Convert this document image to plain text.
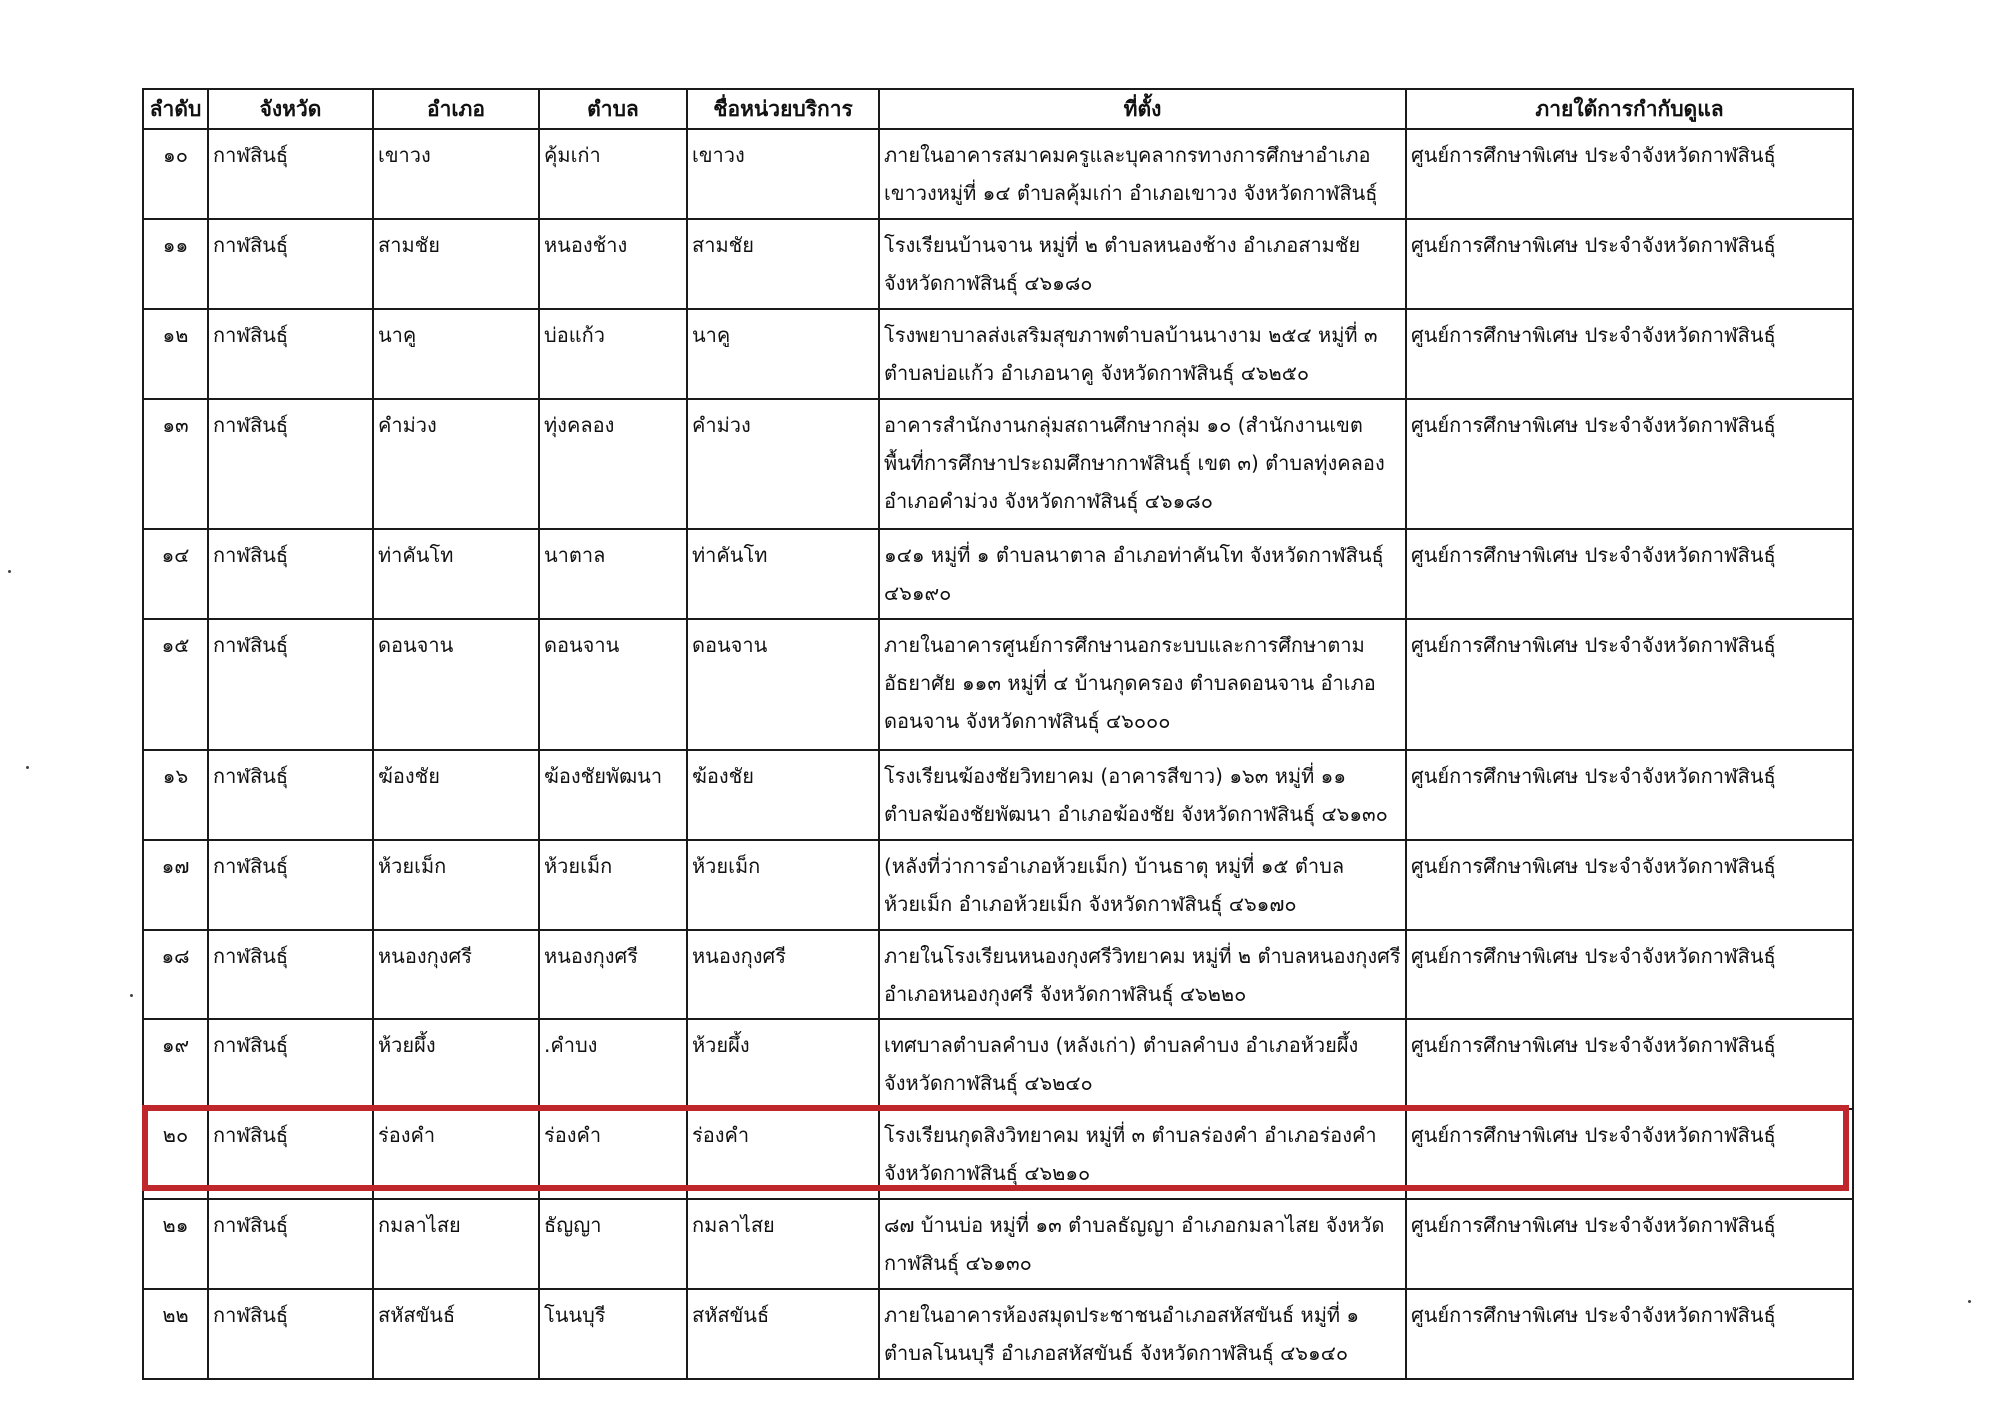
ลำดับ	จังหวัด	อำเภอ	ตำบล	ชื่อหน่วยบริการ	ที่ตั้ง	ภายใต้การกำกับดูแล
๑๐	กาฬสินธุ์	เขาวง	คุ้มเก่า	เขาวง	ภายในอาคารสมาคมครูและบุคลากรทางการศึกษาอำเภอเขาวงหมู่ที่ ๑๔ ตำบลคุ้มเก่า อำเภอเขาวง จังหวัดกาฬสินธุ์	ศูนย์การศึกษาพิเศษ ประจำจังหวัดกาฬสินธุ์
๑๑	กาฬสินธุ์	สามชัย	หนองช้าง	สามชัย	โรงเรียนบ้านจาน หมู่ที่ ๒ ตำบลหนองช้าง อำเภอสามชัย จังหวัดกาฬสินธุ์ ๔๖๑๘๐	ศูนย์การศึกษาพิเศษ ประจำจังหวัดกาฬสินธุ์
๑๒	กาฬสินธุ์	นาคู	บ่อแก้ว	นาคู	โรงพยาบาลส่งเสริมสุขภาพตำบลบ้านนางาม ๒๕๔ หมู่ที่ ๓ ตำบลบ่อแก้ว อำเภอนาคู จังหวัดกาฬสินธุ์ ๔๖๒๕๐	ศูนย์การศึกษาพิเศษ ประจำจังหวัดกาฬสินธุ์
๑๓	กาฬสินธุ์	คำม่วง	ทุ่งคลอง	คำม่วง	อาคารสำนักงานกลุ่มสถานศึกษากลุ่ม ๑๐ (สำนักงานเขตพื้นที่การศึกษาประถมศึกษากาฬสินธุ์ เขต ๓) ตำบลทุ่งคลอง อำเภอคำม่วง จังหวัดกาฬสินธุ์ ๔๖๑๘๐	ศูนย์การศึกษาพิเศษ ประจำจังหวัดกาฬสินธุ์
๑๔	กาฬสินธุ์	ท่าคันโท	นาตาล	ท่าคันโท	๑๔๑ หมู่ที่ ๑ ตำบลนาตาล อำเภอท่าคันโท จังหวัดกาฬสินธุ์ ๔๖๑๙๐	ศูนย์การศึกษาพิเศษ ประจำจังหวัดกาฬสินธุ์
๑๕	กาฬสินธุ์	ดอนจาน	ดอนจาน	ดอนจาน	ภายในอาคารศูนย์การศึกษานอกระบบและการศึกษาตามอัธยาศัย ๑๑๓ หมู่ที่ ๔ บ้านกุดครอง ตำบลดอนจาน อำเภอดอนจาน จังหวัดกาฬสินธุ์ ๔๖๐๐๐	ศูนย์การศึกษาพิเศษ ประจำจังหวัดกาฬสินธุ์
๑๖	กาฬสินธุ์	ฆ้องชัย	ฆ้องชัยพัฒนา	ฆ้องชัย	โรงเรียนฆ้องชัยวิทยาคม (อาคารสีขาว) ๑๖๓ หมู่ที่ ๑๑ ตำบลฆ้องชัยพัฒนา อำเภอฆ้องชัย จังหวัดกาฬสินธุ์ ๔๖๑๓๐	ศูนย์การศึกษาพิเศษ ประจำจังหวัดกาฬสินธุ์
๑๗	กาฬสินธุ์	ห้วยเม็ก	ห้วยเม็ก	ห้วยเม็ก	(หลังที่ว่าการอำเภอห้วยเม็ก) บ้านธาตุ หมู่ที่ ๑๕ ตำบลห้วยเม็ก อำเภอห้วยเม็ก จังหวัดกาฬสินธุ์ ๔๖๑๗๐	ศูนย์การศึกษาพิเศษ ประจำจังหวัดกาฬสินธุ์
๑๘	กาฬสินธุ์	หนองกุงศรี	หนองกุงศรี	หนองกุงศรี	ภายในโรงเรียนหนองกุงศรีวิทยาคม หมู่ที่ ๒ ตำบลหนองกุงศรี อำเภอหนองกุงศรี จังหวัดกาฬสินธุ์ ๔๖๒๒๐	ศูนย์การศึกษาพิเศษ ประจำจังหวัดกาฬสินธุ์
๑๙	กาฬสินธุ์	ห้วยผึ้ง	.คำบง	ห้วยผึ้ง	เทศบาลตำบลคำบง (หลังเก่า) ตำบลคำบง อำเภอห้วยผึ้ง จังหวัดกาฬสินธุ์ ๔๖๒๔๐	ศูนย์การศึกษาพิเศษ ประจำจังหวัดกาฬสินธุ์
๒๐	กาฬสินธุ์	ร่องคำ	ร่องคำ	ร่องคำ	โรงเรียนกุดสิงวิทยาคม หมู่ที่ ๓ ตำบลร่องคำ อำเภอร่องคำ จังหวัดกาฬสินธุ์ ๔๖๒๑๐	ศูนย์การศึกษาพิเศษ ประจำจังหวัดกาฬสินธุ์
๒๑	กาฬสินธุ์	กมลาไสย	ธัญญา	กมลาไสย	๘๗ บ้านบ่อ หมู่ที่ ๑๓ ตำบลธัญญา อำเภอกมลาไสย จังหวัดกาฬสินธุ์ ๔๖๑๓๐	ศูนย์การศึกษาพิเศษ ประจำจังหวัดกาฬสินธุ์
๒๒	กาฬสินธุ์	สหัสขันธ์	โนนบุรี	สหัสขันธ์	ภายในอาคารห้องสมุดประชาชนอำเภอสหัสขันธ์ หมู่ที่ ๑ ตำบลโนนบุรี อำเภอสหัสขันธ์ จังหวัดกาฬสินธุ์ ๔๖๑๔๐	ศูนย์การศึกษาพิเศษ ประจำจังหวัดกาฬสินธุ์
